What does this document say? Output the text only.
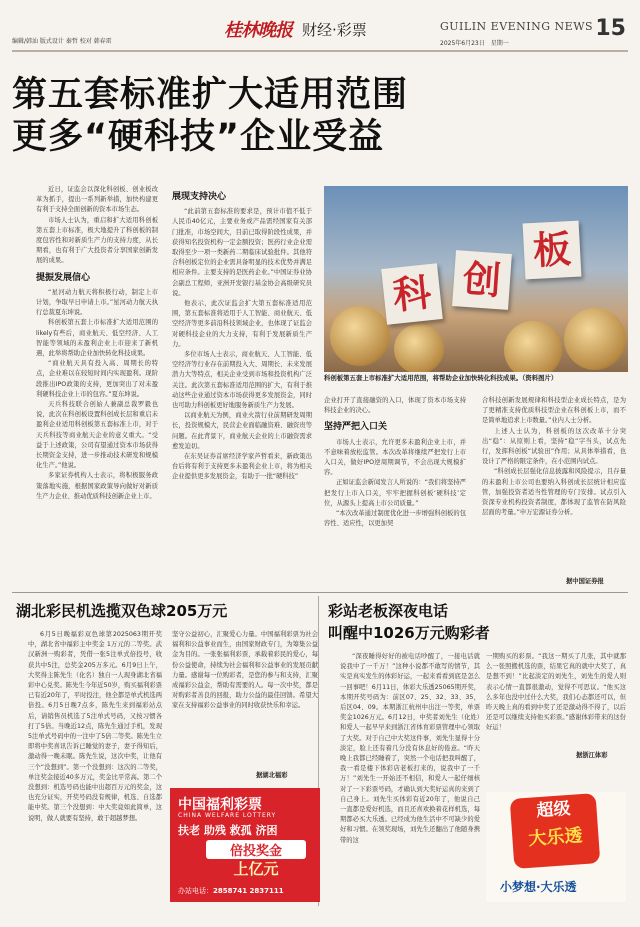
编辑/韩汕 版式设计 秦哲 校对 韩春雷
桂林晚报 财经·彩票	GUILIN EVENING NEWS
2025年6月23日　星期一
15
第五套标准扩大适用范围
更多“硬科技”企业受益

近日，证监会以深化科创板、创业板改革为抓手，提出一系列新举措，加快构建更有利于支持全面创新的资本市场生态。

市场人士认为，重启和扩大适用科创板第五套上市标准，极大地提升了科创板的制度包容性和对新质生产力的支持力度，从长期看，也有利于广大投资者分享国家创新发展的成果。

提振发展信心

“星河动力航天将积极行动，制定上市计划，争取早日申请上市。”星河动力航天执行总裁夏东坤说。

科创板第五套上市标准扩大适用范围的likely有些后，商业航天、低空经济、人工智能等领域的未盈利企业上市迎来了新机遇，此举将帮助企业加快转化科技成果。

“商业航天具有投入高、周期长的特点，企业难以在较短时间内实现盈利。现阶段推出IPO政策的支持，更加突出了对未盈利硬科技企业上市的包容。”夏东坤说。

天兵科技联合创始人兼副总裁罗毅也说，此次在科创板设置科创成长层和重启未盈利企业适用科创板第五套标准上市，对于天兵科技等商业航天企业的意义重大。“受益于上述政策，公司有望通过资本市场获得长期资金支持，进一步推动技术研发和规模化生产。”他说。

多家证券机构人士表示，将积极服务政策落地实施，根据国家政策导向做好对新质生产力企业、推动优质科技创新企业上市。

展现支持决心

“此前第五套标准的要求是，预计市值不低于人民币40亿元，主要业务或产品需经国家有关部门批准，市场空间大，目前已取得阶段性成果，并获得知名投资机构一定金额投资；医药行业企业需取得至少一项一类新药二期临床试验批件。其他符合科创板定位的企业需具备明显的技术优势并满足相应条件。主要支持的是医药企业。”中国证券业协会副总工程师，亚洲开发银行基金协会高级研究员说。

他表示，此次证监会扩大第五套标准适用范围，第五套标准将适用于人工智能、商业航天、低空经济等更多前沿科技领域企业，也体现了证监会对硬科技企业的大力支持，有利于发展新质生产力。

多位市场人士表示，商业航天、人工智能、低空经济等行业存在前期投入大、周期长、未来发展潜力大等特点，相关企业受到市场和投资机构广泛关注。此次第五套标准适用范围的扩大，有利于推动这些企业通过资本市场获得更多发展资金，同时也可助力科创板更好地服务新质生产力发展。

以商业航天为例，商业火箭行业前期研发周期长，投资规模大，民营企业面临融资难、融资贵等问题。在此背景下，商业航天企业的上市融资需求愈发迫切。

在东吴证券首席经济学家芦哲看来，新政策出台后将有利于支持更多未盈利企业上市，将为相关企业提供更多发展资金，有助于一批“硬科技”

科 创
板
科创板第五套上市标准扩大适用范围，将帮助企业加快转化科技成果。（资料图片）

企业打开了直接融资的入口，体现了资本市场支持科技企业的决心。

坚持严把入口关

市场人士表示，允许更多未盈利企业上市，并不意味着放松监管。本次改革将继续严把发行上市入口关，做好IPO逆周期调节，不会出现大规模扩容。

正如证监会新闻发言人所说的：“我们将坚持严把发行上市入口关，牢牢把握科创板‘硬科技’定位，从源头上提高上市公司质量。”

“本次改革通过制度优化进一步增强科创板的包容性、适应性，以更加契

合科技创新发展规律和科技型企业成长特点，是为了更精准支持优质科技型企业在科创板上市，而不是简单地追求上市数量。”业内人士分析。

上述人士认为，科创板的这次改革十分突出“稳”：从原则上看，坚持“稳”字当头，试点先行，发挥科创板“试验田”作用；从具体举措看，也设计了严格的限定条件，在小范围内试点。

“科创成长层强化信息披露和风险提示，且存量的未盈利上市公司也要纳入科创成长层统计相应监管，加强投资者适当性管理的专门安排。试点引入资深专业机构投资者制度，都体现了监管在防风险层面的考量。”申万宏源证券分析。

据中国证券报
湖北彩民机选揽双色球205万元

6月5日晚福彩双色球第2025063期开奖中，湖北省中福彩主中奖金 1万元的二等奖。武汉新洲一购彩者，凭借一张5注单式倍投号，收获共中5注，总奖金205万多元。6月9日上午，大奖得主陈先生（化名）独自一人现身湖北省福彩中心兑奖。陈先生今年近50岁，购买福利彩票已有近20年了，平时投注，他全都是单式机选两倍投。6月5日晚7点多，陈先生来到福彩站点后，请销售员机选了5注单式号码，又按习惯各打了5倍。当晚近12点，陈先生通过手机，发现5注单式号码中的一注中了5倍二等奖。陈先生立即将中奖喜讯告诉已睡觉的妻子，妻子得知后，激动得一晚未眠。陈先生说，这次中奖，让他有三个“没想到”。第一个没想到：这次的二等奖，单注奖金接近40多万元，奖金比平常高。第二个没想到：机选号码也能中出超百万元的奖金，这也充分证实，开奖号码没有规律，机选、自选都能中奖。第三个没想到：中大奖竟如此简单，这说明，做人就要有坚持，敢于超越梦想。

坚守公益初心，汇聚爱心力量。中国福利彩票为社会福利和公益事业而生，由国家财政专门，为筹集公益金为目的。一张张福利彩票，承载着彩民的爱心，每份公益使命，持续为社会福利和公益事业的发展贡献力量。感谢每一位购彩者，是您的参与和支持，汇聚成福彩公益金，帮助有需要的人。每一次中奖，都是对购彩者善良的回报，助力公益的最佳回馈。希望大家在支持福彩公益事业的同时收获快乐和幸运。

据湖北福彩
中国福利彩票
CHINA WELFARE LOTTERY
扶老 助残 救孤 济困
倍投奖金
上亿元
办站电话：2858741 2837111
彩站老板深夜电话
叫醒中1026万元购彩者

“深夜睡得好好的被电话吵醒了，一接电话就说我中了一千万！”这种小说都不敢写的情节，其实是真实发生的体彩好运，一起来看看到底是怎么一回事吧！6月11日，体彩大乐透25065期开奖，本期开奖号码为：前区07、25、32、33、35，后区04、09。本期浙江杭州中出注一等奖，单票奖金1026万元。6月12日，中奖者刘先生（化姓）和爱人一起早早来到浙江省体育彩票管理中心领取了大奖。对于自己中大奖这件事，刘先生显得十分淡定，脸上还有着几分没有休息好的倦意。“昨天晚上我都已经睡着了，突然一个电话把我叫醒了，我一看是楼下体彩店老板打来的，说我中了一千万！”刘先生一开始还不相信，和爱人一起仔细核对了一下彩票号码，才确认到大奖好运真的来到了自己身上。刘先生买体彩有近20年了，他说自己一直都是爱好机选，而且还喜欢换着花样机选，每期都必买大乐透。已经成为他生活中不可缺少的爱好和习惯。在领奖现场，刘先生还翻出了他随身携带的这

一期购买的彩票。“我这一期买了几张，其中就那么一张照搬机选的票，结果它真的就中大奖了，真是想不到！”比起淡定的刘先生，刘先生的爱人则表示心情一直都很激动，觉得不可思议。“他买这么多年也没中过什么大奖，我们心态都还可以，但昨天晚上真的看到中奖了还是激动得不得了，以后还是可以继续支持他买彩票。”感谢体彩带来的这份好运！

据浙江体彩
超级
大乐透
小梦想·大乐透
